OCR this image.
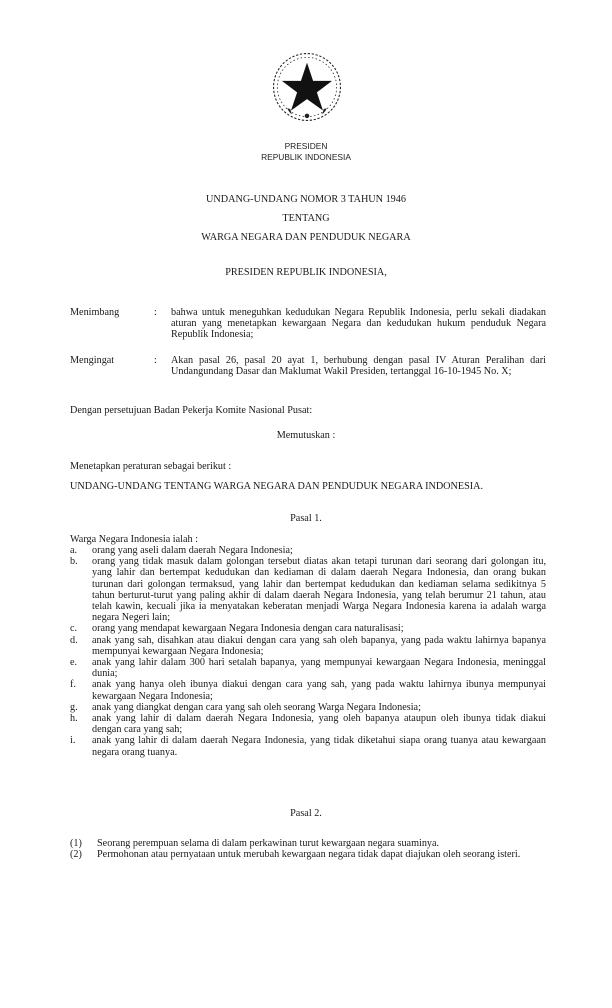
PRESIDEN
REPUBLIK INDONESIA
UNDANG-UNDANG NOMOR 3 TAHUN 1946
TENTANG
WARGA NEGARA DAN PENDUDUK NEGARA
PRESIDEN REPUBLIK INDONESIA,
Menimbang	: bahwa untuk meneguhkan kedudukan Negara Republik Indonesia, perlu sekali diadakan aturan yang menetapkan kewargaan Negara dan kedudukan hukum penduduk Negara Republik Indonesia;
Mengingat	: Akan pasal 26, pasal 20 ayat 1, berhubung dengan pasal IV Aturan Peralihan dari Undangundang Dasar dan Maklumat Wakil Presiden, tertanggal 16-10-1945 No. X;
Dengan persetujuan Badan Pekerja Komite Nasional Pusat:
Memutuskan :
Menetapkan peraturan sebagai berikut :
UNDANG-UNDANG TENTANG WARGA NEGARA DAN PENDUDUK NEGARA INDONESIA.
Pasal 1.
Warga Negara Indonesia ialah :
a.	orang yang aseli dalam daerah Negara Indonesia;
b.	orang yang tidak masuk dalam golongan tersebut diatas akan tetapi turunan dari seorang dari golongan itu, yang lahir dan bertempat kedudukan dan kediaman di dalam daerah Negara Indonesia, dan orang bukan turunan dari golongan termaksud, yang lahir dan bertempat kedudukan dan kediaman selama sedikitnya 5 tahun berturut-turut yang paling akhir di dalam daerah Negara Indonesia, yang telah berumur 21 tahun, atau telah kawin, kecuali jika ia menyatakan keberatan menjadi Warga Negara Indonesia karena ia adalah warga negara Negeri lain;
c.	orang yang mendapat kewargaan Negara Indonesia dengan cara naturalisasi;
d.	anak yang sah, disahkan atau diakui dengan cara yang sah oleh bapanya, yang pada waktu lahirnya bapanya mempunyai kewargaan Negara Indonesia;
e.	anak yang lahir dalam 300 hari setalah bapanya, yang mempunyai kewargaan Negara Indonesia, meninggal dunia;
f.	anak yang hanya oleh ibunya diakui dengan cara yang sah, yang pada waktu lahirnya ibunya mempunyai kewargaan Negara Indonesia;
g.	anak yang diangkat dengan cara yang sah oleh seorang Warga Negara Indonesia;
h.	anak yang lahir di dalam daerah Negara Indonesia, yang oleh bapanya ataupun oleh ibunya tidak diakui dengan cara yang sah;
i.	anak yang lahir di dalam daerah Negara Indonesia, yang tidak diketahui siapa orang tuanya atau kewargaan negara orang tuanya.
Pasal 2.
(1)	Seorang perempuan selama di dalam perkawinan turut kewargaan negara suaminya.
(2)	Permohonan atau pernyataan untuk merubah kewargaan negara tidak dapat diajukan oleh seorang isteri.
